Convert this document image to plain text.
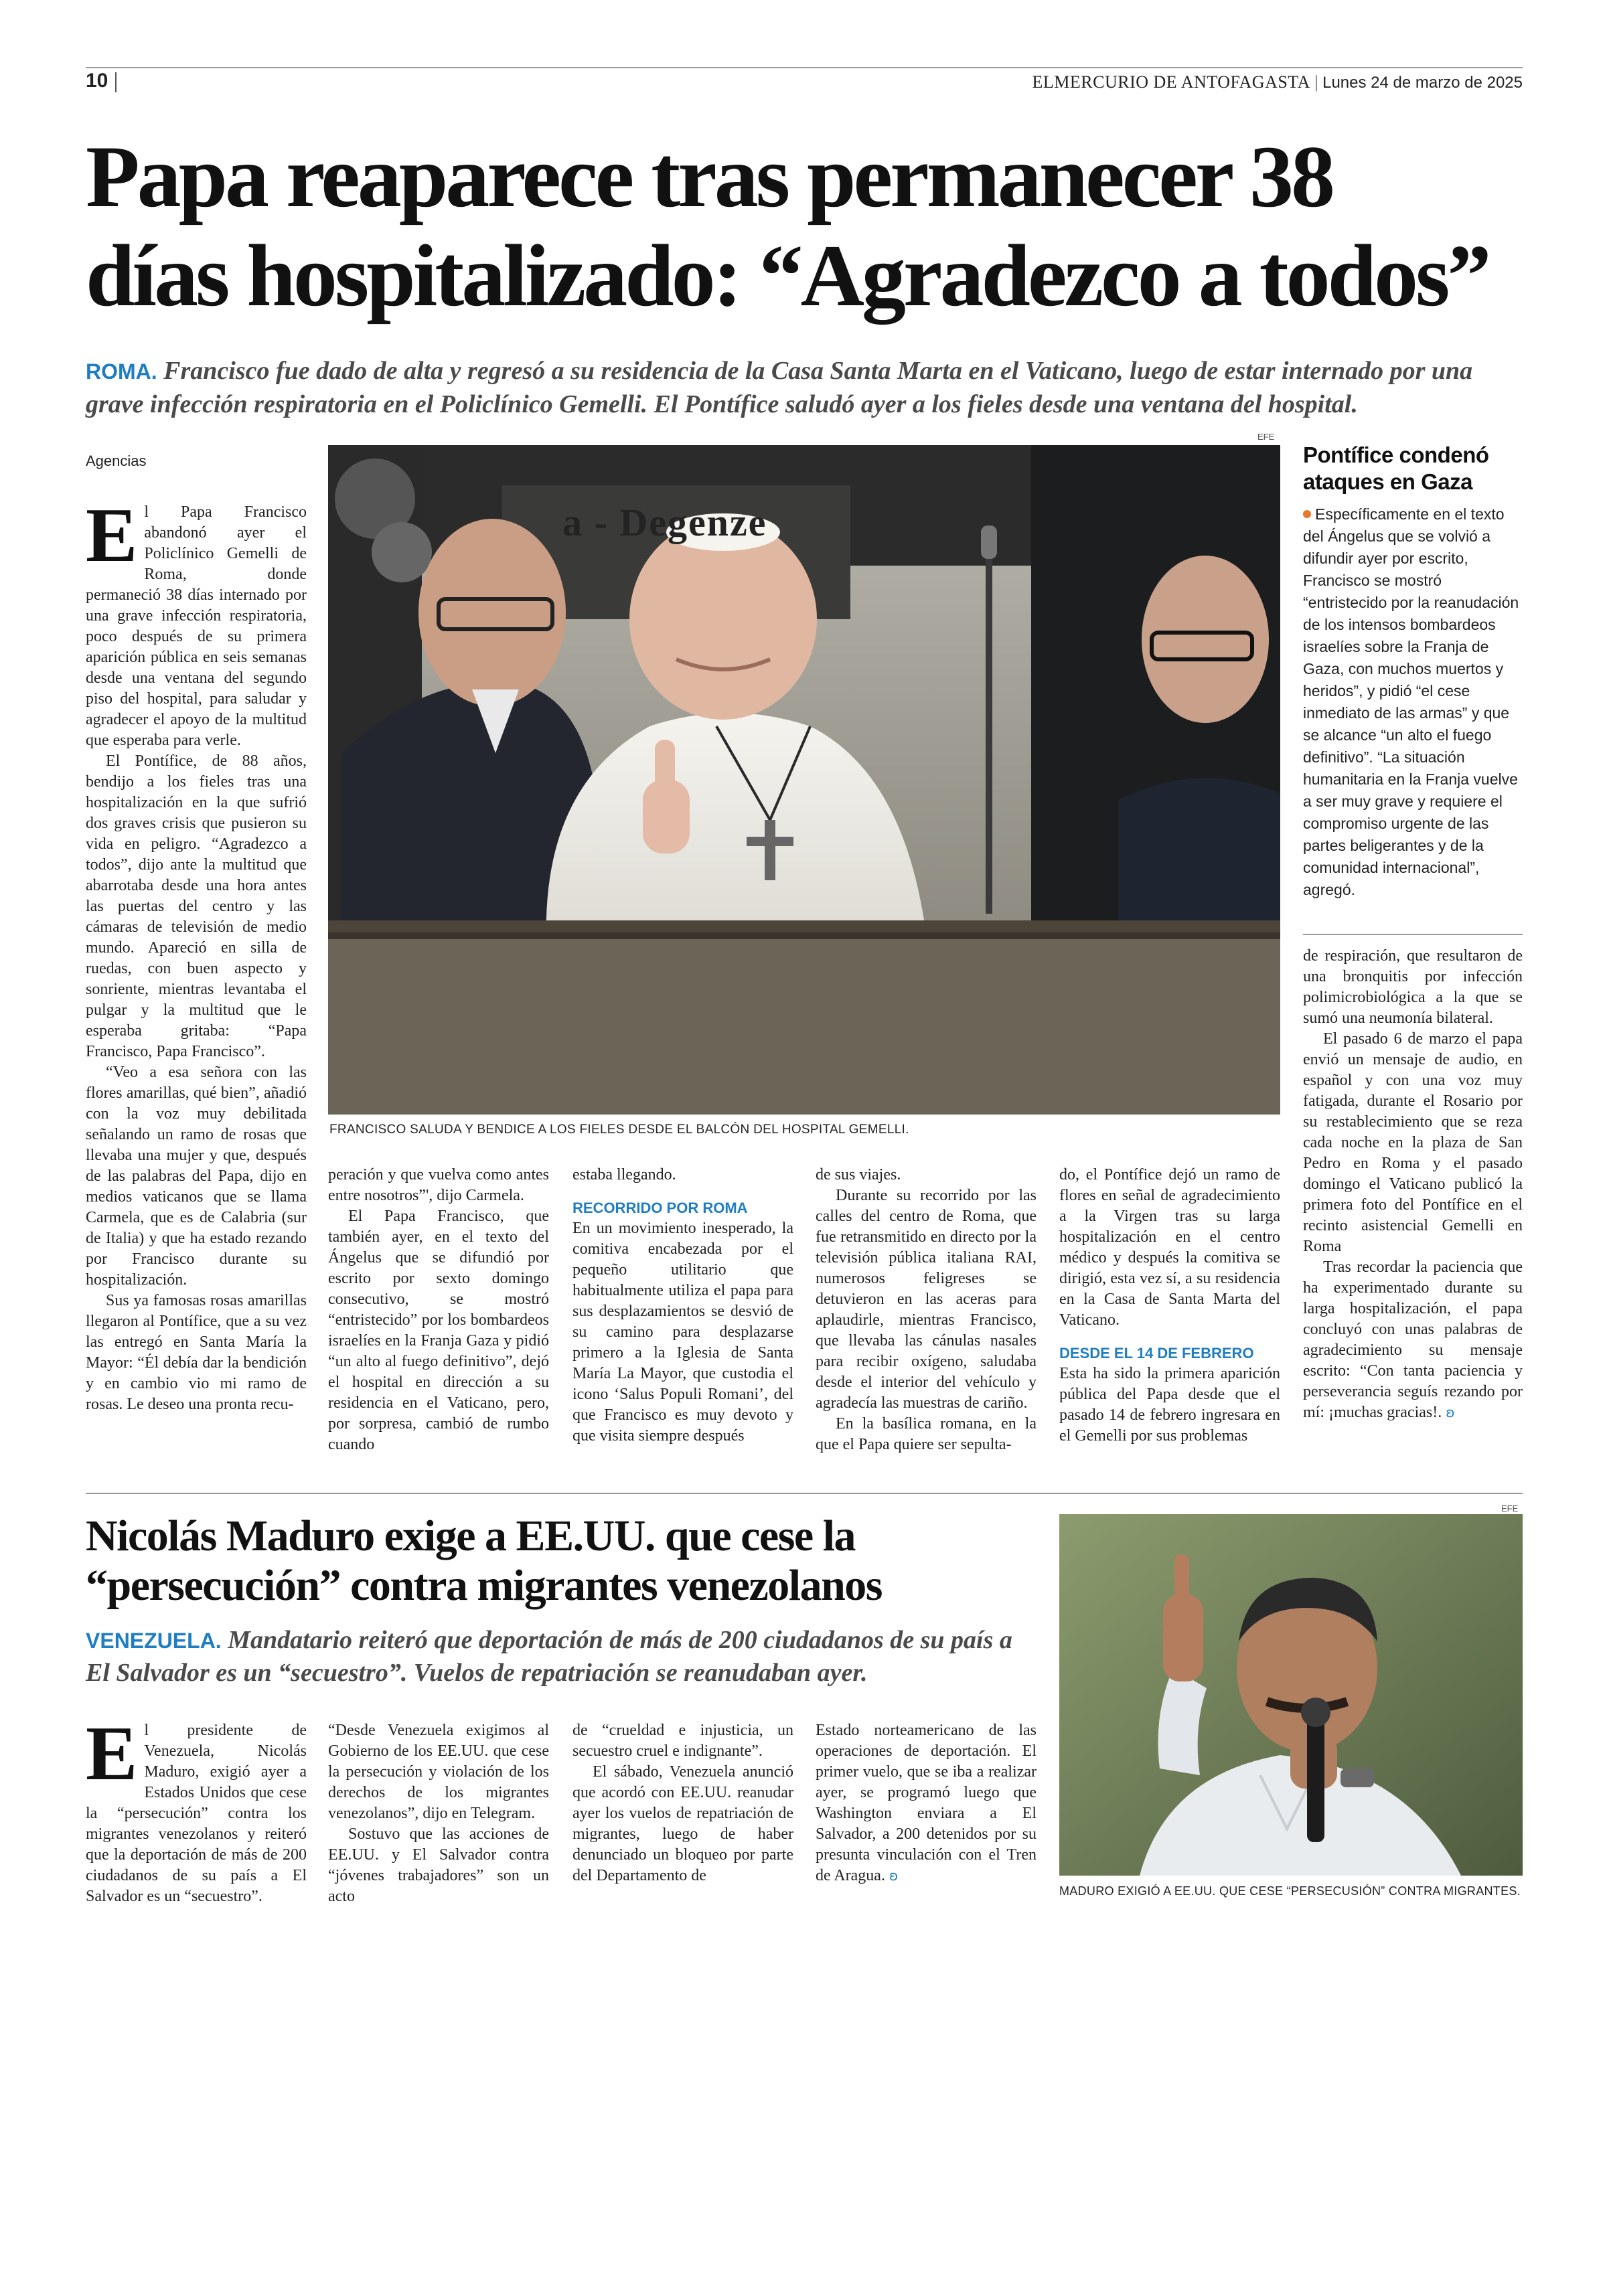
10	ELMERCURIO DE ANTOFAGASTA | Lunes 24 de marzo de 2025
Papa reaparece tras permanecer 38
días hospitalizado: “Agradezco a todos”
ROMA. Francisco fue dado de alta y regresó a su residencia de la Casa Santa Marta en el Vaticano, luego de estar internado por una grave infección respiratoria en el Policlínico Gemelli. El Pontífice saludó ayer a los fieles desde una ventana del hospital.
Agencias
a - Degenze
EFE
FRANCISCO SALUDA Y BENDICE A LOS FIELES DESDE EL BALCÓN DEL HOSPITAL GEMELLI.
E l Papa Francisco abandonó ayer el Policlínico Gemelli de Roma, donde permaneció 38 días internado por una grave infección respiratoria, poco después de su primera aparición pública en seis semanas desde una ventana del segundo piso del hospital, para saludar y agradecer el apoyo de la multitud que esperaba para verle.

El Pontífice, de 88 años, bendijo a los fieles tras una hospitalización en la que sufrió dos graves crisis que pusieron su vida en peligro. “Agradezco a todos”, dijo ante la multitud que abarrotaba desde una hora antes las puertas del centro y las cámaras de televisión de medio mundo. Apareció en silla de ruedas, con buen aspecto y sonriente, mientras levantaba el pulgar y la multitud que le esperaba gritaba: “Papa Francisco, Papa Francisco”.

“Veo a esa señora con las flores amarillas, qué bien”, añadió con la voz muy debilitada señalando un ramo de rosas que llevaba una mujer y que, después de las palabras del Papa, dijo en medios vaticanos que se llama Carmela, que es de Calabria (sur de Italia) y que ha estado rezando por Francisco durante su hospitalización.

Sus ya famosas rosas amarillas llegaron al Pontífice, que a su vez las entregó en Santa María la Mayor: “Él debía dar la bendición y en cambio vio mi ramo de rosas. Le deseo una pronta recu-

peración y que vuelva como antes entre nosotros”', dijo Carmela.

El Papa Francisco, que también ayer, en el texto del Ángelus que se difundió por escrito por sexto domingo consecutivo, se mostró “entristecido” por los bombardeos israelíes en la Franja Gaza y pidió “un alto al fuego definitivo”, dejó el hospital en dirección a su residencia en el Vaticano, pero, por sorpresa, cambió de rumbo cuando

estaba llegando.

RECORRIDO POR ROMA

En un movimiento inesperado, la comitiva encabezada por el pequeño utilitario que habitualmente utiliza el papa para sus desplazamientos se desvió de su camino para desplazarse primero a la Iglesia de Santa María La Mayor, que custodia el icono ‘Salus Populi Romani’, del que Francisco es muy devoto y que visita siempre después

de sus viajes.

Durante su recorrido por las calles del centro de Roma, que fue retransmitido en directo por la televisión pública italiana RAI, numerosos feligreses se detuvieron en las aceras para aplaudirle, mientras Francisco, que llevaba las cánulas nasales para recibir oxígeno, saludaba desde el interior del vehículo y agradecía las muestras de cariño.

En la basílica romana, en la que el Papa quiere ser sepulta-

do, el Pontífice dejó un ramo de flores en señal de agradecimiento a la Virgen tras su larga hospitalización en el centro médico y después la comitiva se dirigió, esta vez sí, a su residencia en la Casa de Santa Marta del Vaticano.

DESDE EL 14 DE FEBRERO

Esta ha sido la primera aparición pública del Papa desde que el pasado 14 de febrero ingresara en el Gemelli por sus problemas

Pontífice condenó ataques en Gaza
Específicamente en el texto del Ángelus que se volvió a difundir ayer por escrito, Francisco se mostró “entristecido por la reanudación de los intensos bombardeos israelíes sobre la Franja de Gaza, con muchos muertos y heridos”, y pidió “el cese inmediato de las armas” y que se alcance “un alto el fuego definitivo”. “La situación humanitaria en la Franja vuelve a ser muy grave y requiere el compromiso urgente de las partes beligerantes y de la comunidad internacional”, agregó.

de respiración, que resultaron de una bronquitis por infección polimicrobiológica a la que se sumó una neumonía bilateral.

El pasado 6 de marzo el papa envió un mensaje de audio, en español y con una voz muy fatigada, durante el Rosario por su restablecimiento que se reza cada noche en la plaza de San Pedro en Roma y el pasado domingo el Vaticano publicó la primera foto del Pontífice en el recinto asistencial Gemelli en Roma

Tras recordar la paciencia que ha experimentado durante su larga hospitalización, el papa concluyó con unas palabras de agradecimiento su mensaje escrito: “Con tanta paciencia y perseverancia seguís rezando por mí: ¡muchas gracias!. ʚ

Nicolás Maduro exige a EE.UU. que cese la
“persecución” contra migrantes venezolanos
VENEZUELA. Mandatario reiteró que deportación de más de 200 ciudadanos de su país a El Salvador es un “secuestro”. Vuelos de repatriación se reanudaban ayer.
E l presidente de Venezuela, Nicolás Maduro, exigió ayer a Estados Unidos que cese la “persecución” contra los migrantes venezolanos y reiteró que la deportación de más de 200 ciudadanos de su país a El Salvador es un “secuestro”.

“Desde Venezuela exigimos al Gobierno de los EE.UU. que cese la persecución y violación de los derechos de los migrantes venezolanos”, dijo en Telegram.

Sostuvo que las acciones de EE.UU. y El Salvador contra “jóvenes trabajadores” son un acto

de “crueldad e injusticia, un secuestro cruel e indignante”.

El sábado, Venezuela anunció que acordó con EE.UU. reanudar ayer los vuelos de repatriación de migrantes, luego de haber denunciado un bloqueo por parte del Departamento de

Estado norteamericano de las operaciones de deportación. El primer vuelo, que se iba a realizar ayer, se programó luego que Washington enviara a El Salvador, a 200 detenidos por su presunta vinculación con el Tren de Aragua. ʚ

EFE
MADURO EXIGIÓ A EE.UU. QUE CESE “PERSECUSIÓN” CONTRA MIGRANTES.
